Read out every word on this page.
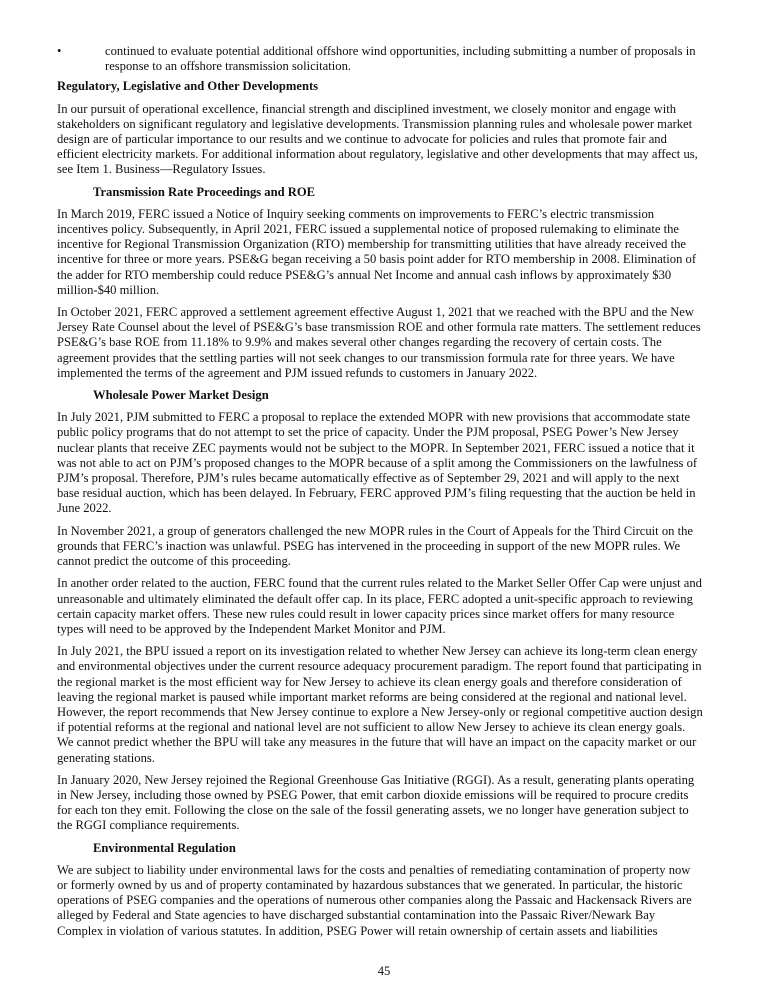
•	continued to evaluate potential additional offshore wind opportunities, including submitting a number of proposals in
response to an offshore transmission solicitation.
Regulatory, Legislative and Other Developments
In our pursuit of operational excellence, financial strength and disciplined investment, we closely monitor and engage with
stakeholders on significant regulatory and legislative developments. Transmission planning rules and wholesale power market
design are of particular importance to our results and we continue to advocate for policies and rules that promote fair and
efficient electricity markets. For additional information about regulatory, legislative and other developments that may affect us,
see Item 1. Business—Regulatory Issues.
Transmission Rate Proceedings and ROE
In March 2019, FERC issued a Notice of Inquiry seeking comments on improvements to FERC’s electric transmission
incentives policy. Subsequently, in April 2021, FERC issued a supplemental notice of proposed rulemaking to eliminate the
incentive for Regional Transmission Organization (RTO) membership for transmitting utilities that have already received the
incentive for three or more years. PSE&G began receiving a 50 basis point adder for RTO membership in 2008. Elimination of
the adder for RTO membership could reduce PSE&G’s annual Net Income and annual cash inflows by approximately $30
million-$40 million.
In October 2021, FERC approved a settlement agreement effective August 1, 2021 that we reached with the BPU and the New
Jersey Rate Counsel about the level of PSE&G’s base transmission ROE and other formula rate matters. The settlement reduces
PSE&G’s base ROE from 11.18% to 9.9% and makes several other changes regarding the recovery of certain costs. The
agreement provides that the settling parties will not seek changes to our transmission formula rate for three years. We have
implemented the terms of the agreement and PJM issued refunds to customers in January 2022.
Wholesale Power Market Design
In July 2021, PJM submitted to FERC a proposal to replace the extended MOPR with new provisions that accommodate state
public policy programs that do not attempt to set the price of capacity. Under the PJM proposal, PSEG Power’s New Jersey
nuclear plants that receive ZEC payments would not be subject to the MOPR. In September 2021, FERC issued a notice that it
was not able to act on PJM’s proposed changes to the MOPR because of a split among the Commissioners on the lawfulness of
PJM’s proposal. Therefore, PJM’s rules became automatically effective as of September 29, 2021 and will apply to the next
base residual auction, which has been delayed. In February, FERC approved PJM’s filing requesting that the auction be held in
June 2022.
In November 2021, a group of generators challenged the new MOPR rules in the Court of Appeals for the Third Circuit on the
grounds that FERC’s inaction was unlawful. PSEG has intervened in the proceeding in support of the new MOPR rules. We
cannot predict the outcome of this proceeding.
In another order related to the auction, FERC found that the current rules related to the Market Seller Offer Cap were unjust and
unreasonable and ultimately eliminated the default offer cap. In its place, FERC adopted a unit-specific approach to reviewing
certain capacity market offers. These new rules could result in lower capacity prices since market offers for many resource
types will need to be approved by the Independent Market Monitor and PJM.
In July 2021, the BPU issued a report on its investigation related to whether New Jersey can achieve its long-term clean energy
and environmental objectives under the current resource adequacy procurement paradigm. The report found that participating in
the regional market is the most efficient way for New Jersey to achieve its clean energy goals and therefore consideration of
leaving the regional market is paused while important market reforms are being considered at the regional and national level.
However, the report recommends that New Jersey continue to explore a New Jersey-only or regional competitive auction design
if potential reforms at the regional and national level are not sufficient to allow New Jersey to achieve its clean energy goals.
We cannot predict whether the BPU will take any measures in the future that will have an impact on the capacity market or our
generating stations.
In January 2020, New Jersey rejoined the Regional Greenhouse Gas Initiative (RGGI). As a result, generating plants operating
in New Jersey, including those owned by PSEG Power, that emit carbon dioxide emissions will be required to procure credits
for each ton they emit. Following the close on the sale of the fossil generating assets, we no longer have generation subject to
the RGGI compliance requirements.
Environmental Regulation
We are subject to liability under environmental laws for the costs and penalties of remediating contamination of property now
or formerly owned by us and of property contaminated by hazardous substances that we generated. In particular, the historic
operations of PSEG companies and the operations of numerous other companies along the Passaic and Hackensack Rivers are
alleged by Federal and State agencies to have discharged substantial contamination into the Passaic River/Newark Bay
Complex in violation of various statutes. In addition, PSEG Power will retain ownership of certain assets and liabilities
45
